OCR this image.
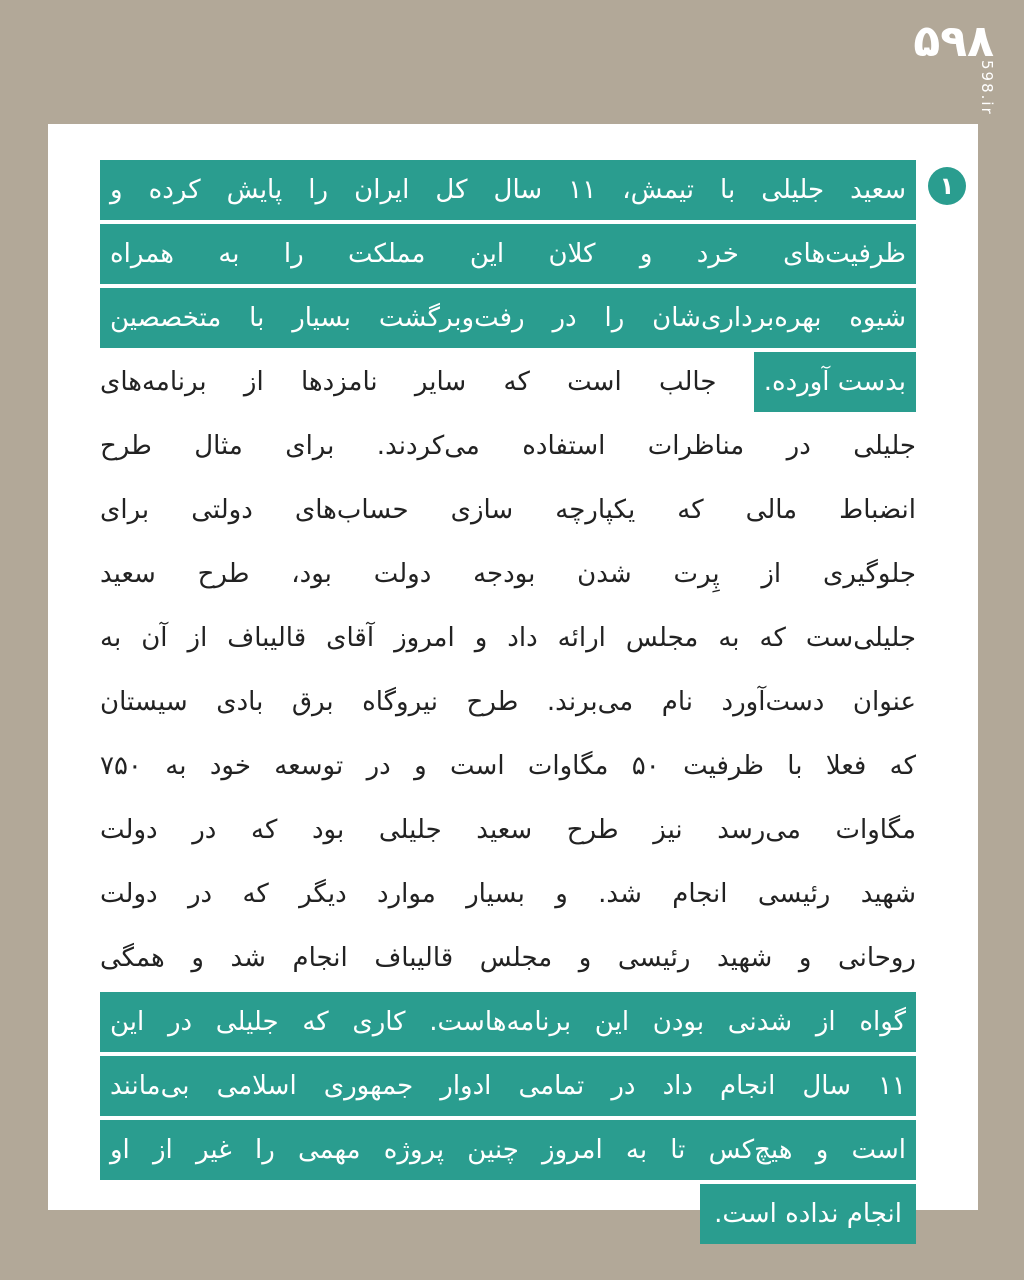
۵۹۸
598.ir
۱
سعید جلیلی با تیمش، ۱۱ سال کل ایران را پایش کرده و
ظرفیت‌های خرد و کلان این مملکت را به همراه
شیوه بهره‌برداری‌شان را در رفت‌وبرگشت بسیار با متخصصین
بدست آورده. جالب است که سایر نامزدها از برنامه‌های
جلیلی در مناظرات استفاده می‌کردند. برای مثال طرح
انضباط مالی که یکپارچه سازی حساب‌های دولتی برای
جلوگیری از پِرت شدن بودجه دولت بود، طرح سعید
جلیلی‌ست که به مجلس ارائه داد و امروز آقای قالیباف از آن به
عنوان دست‌آورد نام می‌برند. طرح نیروگاه برق بادی سیستان
که فعلا با ظرفیت ۵۰ مگاوات است و در توسعه خود به ۷۵۰
مگاوات می‌رسد نیز طرح سعید جلیلی بود که در دولت
شهید رئیسی انجام شد. و بسیار موارد دیگر که در دولت
روحانی و شهید رئیسی و مجلس قالیباف انجام شد و همگی
گواه از شدنی بودن این برنامه‌هاست. کاری که جلیلی در این
۱۱ سال انجام داد در تمامی ادوار جمهوری اسلامی بی‌مانند
است و هیچ‌کس تا به امروز چنین پروژه مهمی را غیر از او
انجام نداده است.
